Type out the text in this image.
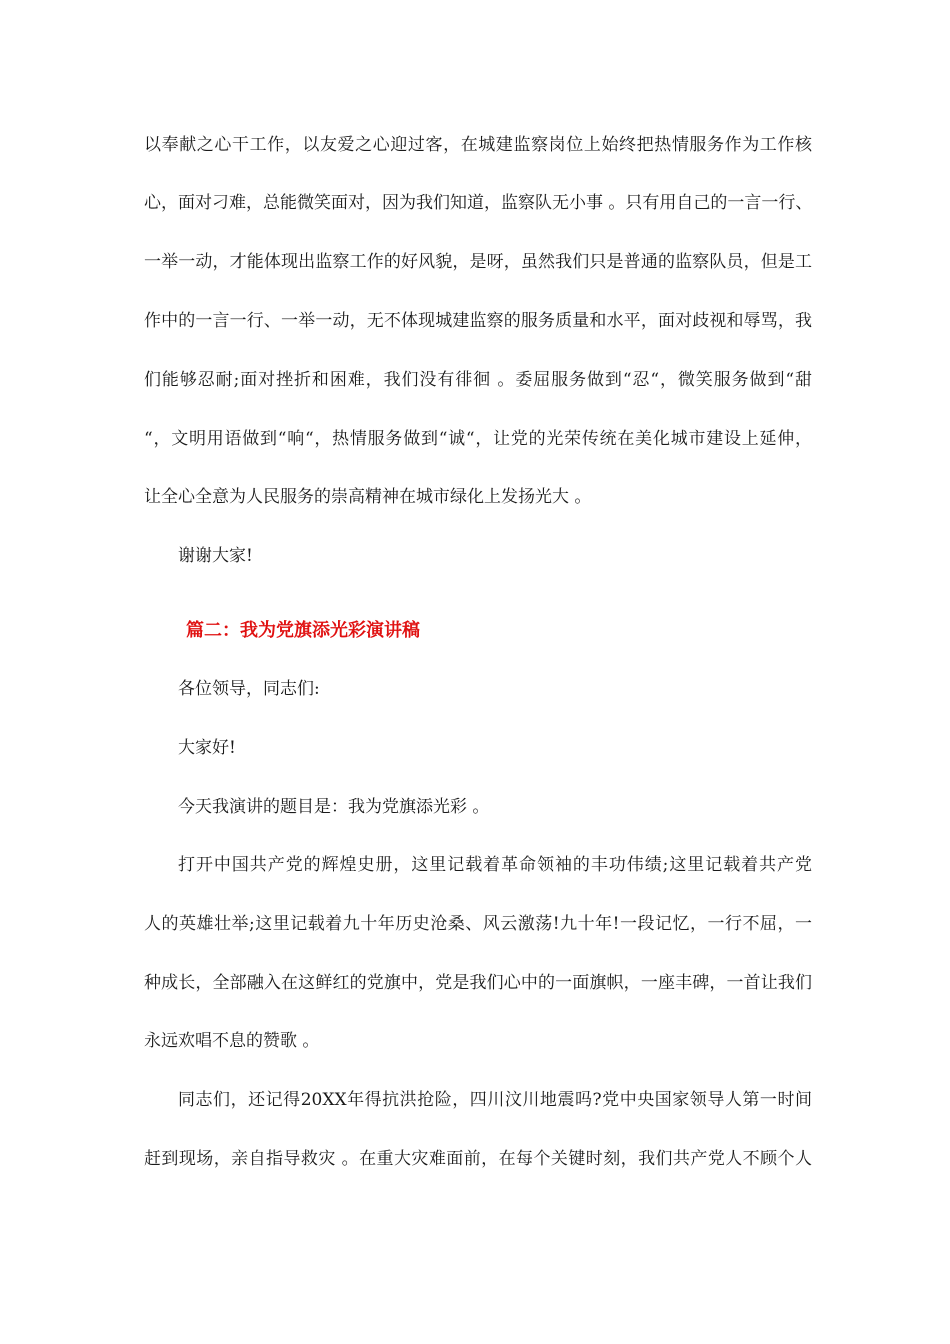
以奉献之心干工作，以友爱之心迎过客，在城建监察岗位上始终把热情服务作为工作核
心，面对刁难，总能微笑面对，因为我们知道，监察队无小事 。只有用自己的一言一行、
一举一动，才能体现出监察工作的好风貌，是呀，虽然我们只是普通的监察队员，但是工
作中的一言一行、一举一动，无不体现城建监察的服务质量和水平，面对歧视和辱骂，我
们能够忍耐;面对挫折和困难，我们没有徘徊 。委屈服务做到“忍“，微笑服务做到“甜
“，文明用语做到“响“，热情服务做到“诚“，让党的光荣传统在美化城市建设上延伸，
让全心全意为人民服务的崇高精神在城市绿化上发扬光大 。
谢谢大家!
篇二：我为党旗添光彩演讲稿
各位领导，同志们:
大家好!
今天我演讲的题目是：我为党旗添光彩 。
打开中国共产党的辉煌史册，这里记载着革命领袖的丰功伟绩;这里记载着共产党
人的英雄壮举;这里记载着九十年历史沧桑、风云激荡!九十年!一段记忆，一行不屈，一
种成长，全部融入在这鲜红的党旗中，党是我们心中的一面旗帜，一座丰碑，一首让我们
永远欢唱不息的赞歌 。
同志们，还记得20XX年得抗洪抢险，四川汶川地震吗?党中央国家领导人第一时间
赶到现场，亲自指导救灾 。在重大灾难面前，在每个关键时刻，我们共产党人不顾个人
